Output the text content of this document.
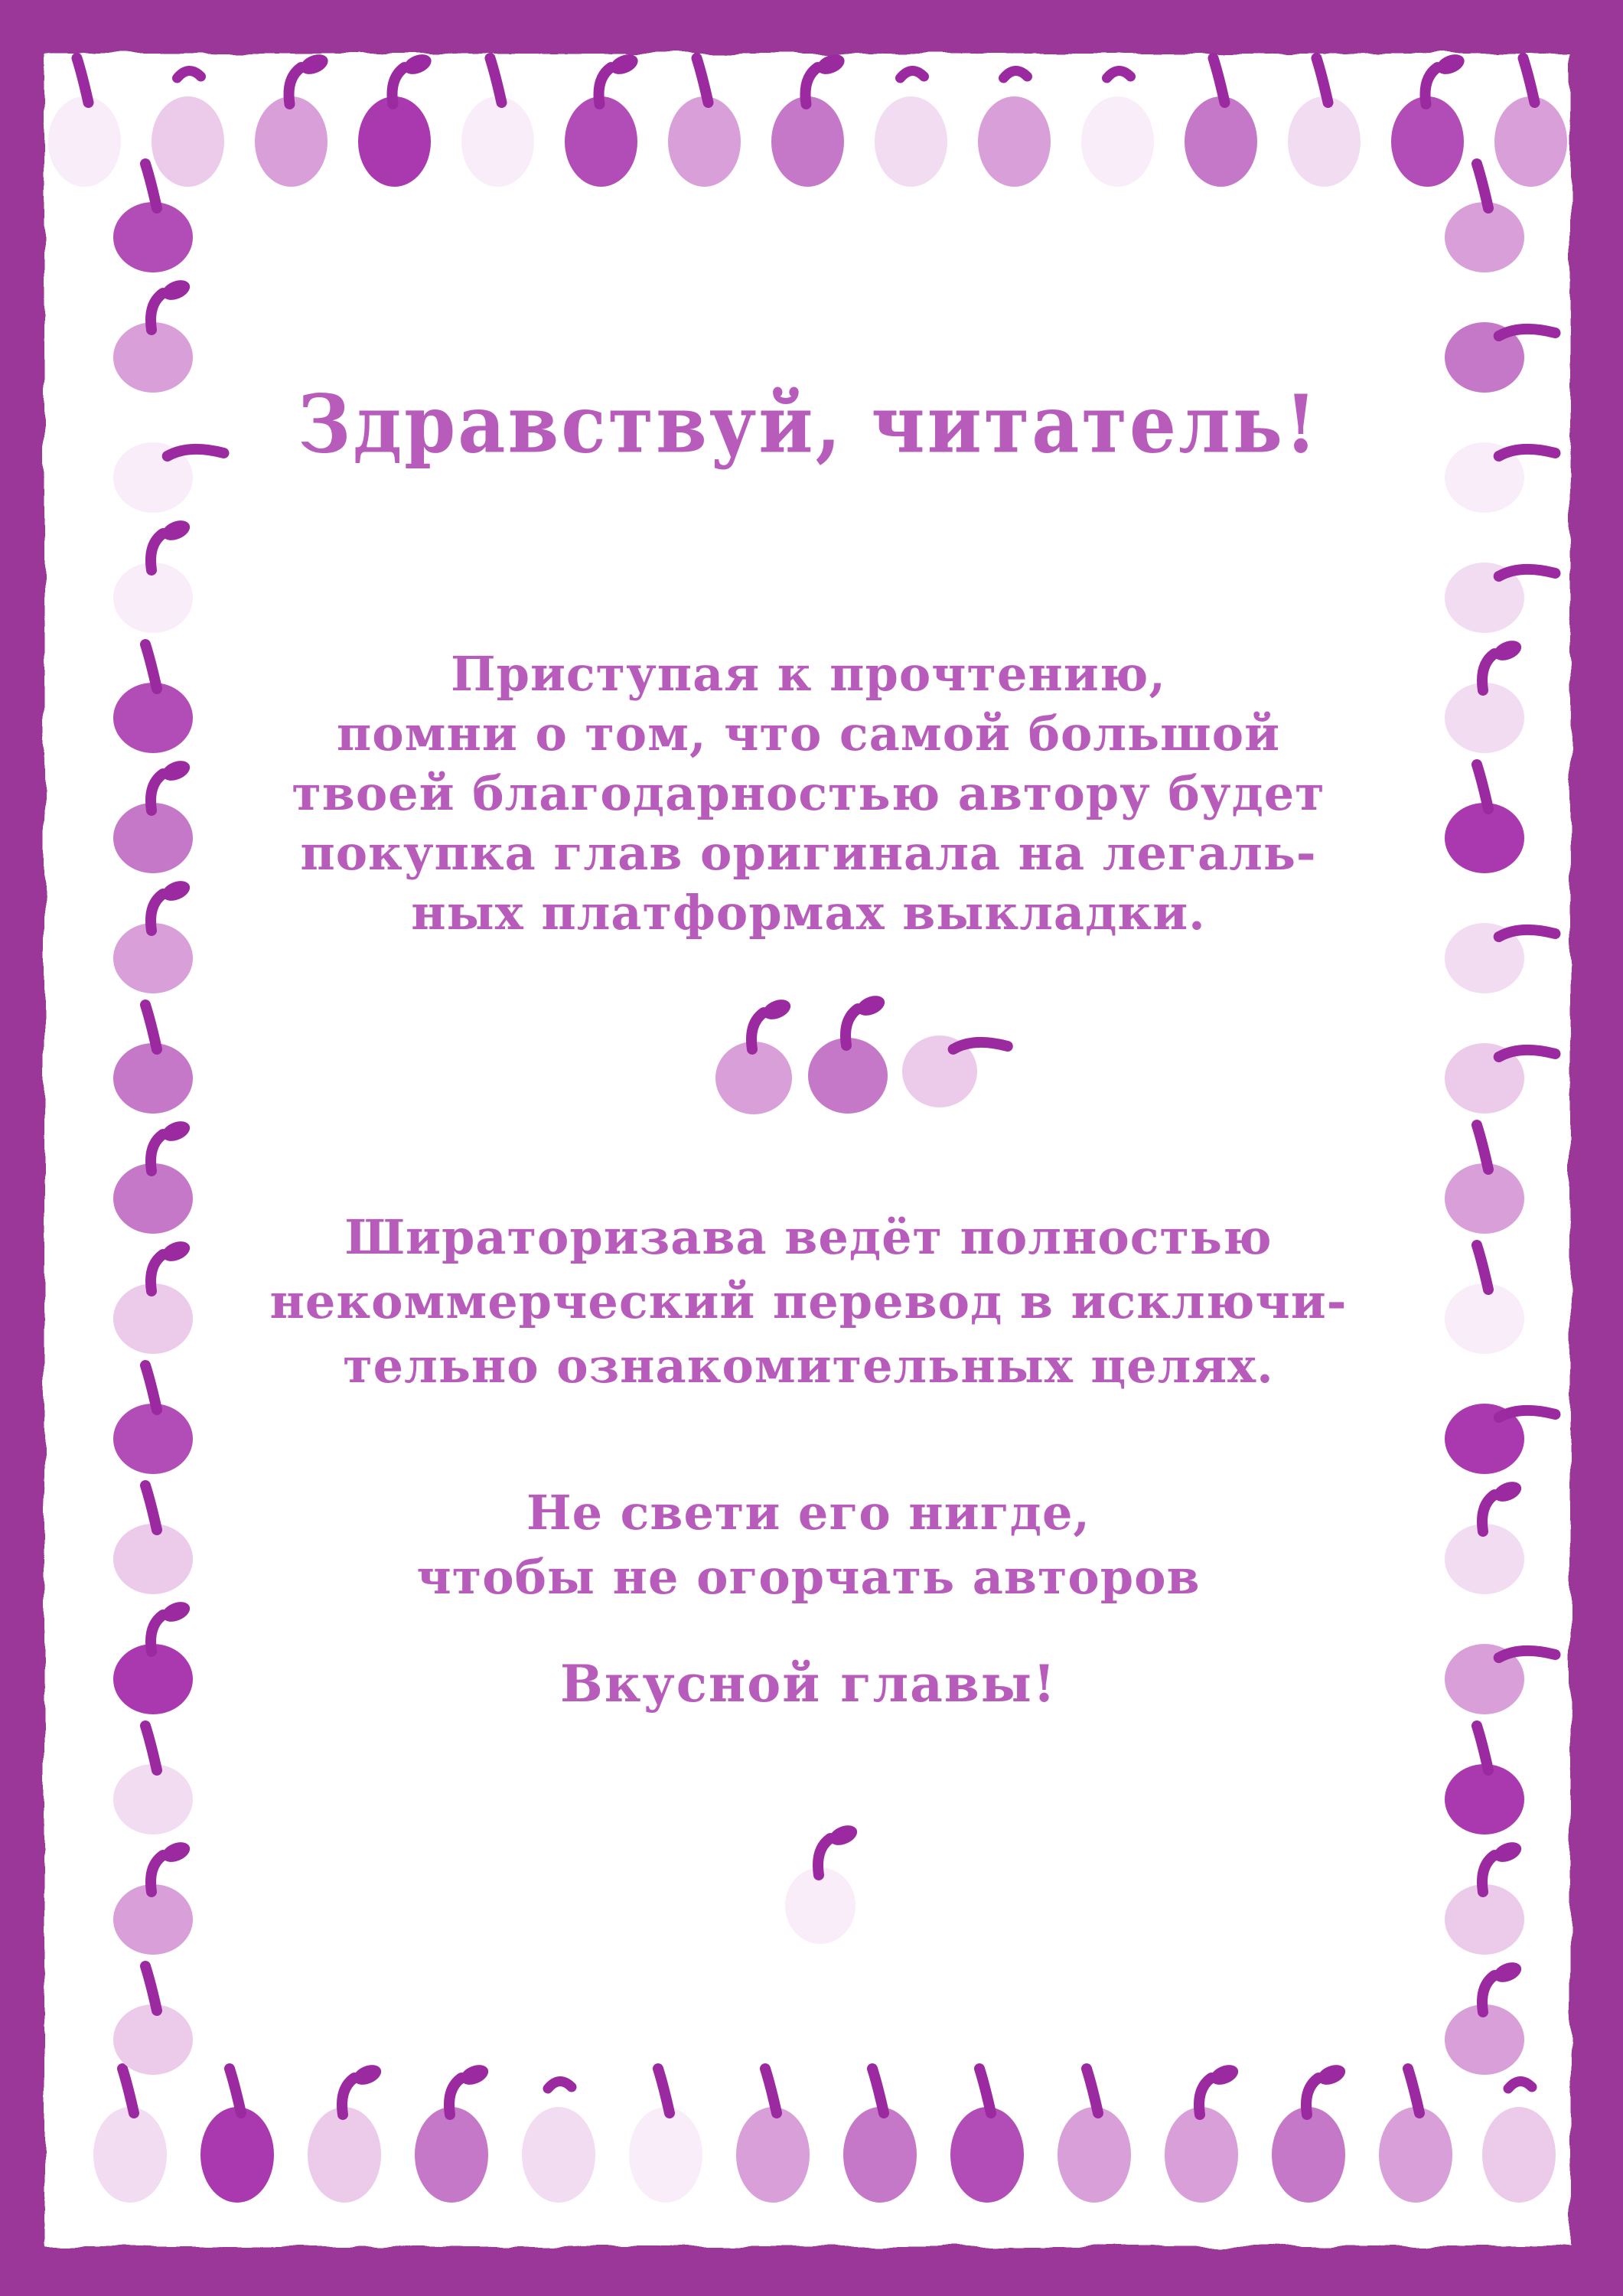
Здравствуй, читатель!
Приступая к прочтению,
помни о том, что самой большой
твоей благодарностью автору будет
покупка глав оригинала на легаль-
ных платформах выкладки.
Шираторизава ведёт полностью
некоммерческий перевод в исключи-
тельно ознакомительных целях.
Не свети его нигде,
чтобы не огорчать авторов
Вкусной главы!
